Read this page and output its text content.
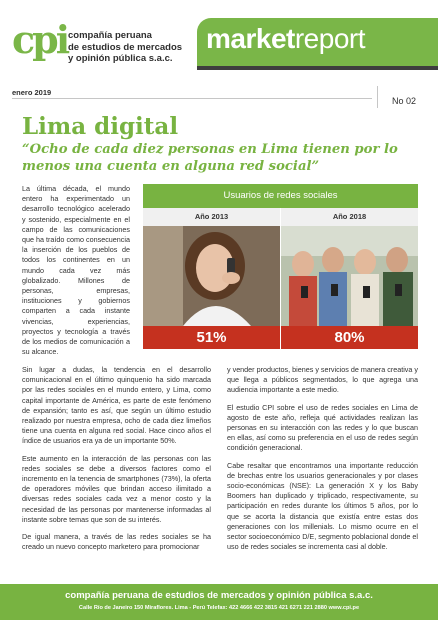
cpi compañía peruana
de estudios de mercados
y opinión pública s.a.c.
marketreport
enero 2019
No 02
Lima digital
“Ocho de cada diez personas en Lima tienen por lo menos una cuenta en alguna red social”

La última década, el mundo entero ha experimentado un desarrollo tecnológico acelerado y sostenido, especialmente en el campo de las comunicaciones que ha traído como consecuencia la inserción de los pueblos de todos los continentes en un mundo cada vez más globalizado. Millones de personas, empresas, instituciones y gobiernos comparten a cada instante vivencias, experiencias, proyectos y tecnología a través de los medios de comunicación a su alcance.

Usuarios de redes sociales
Año 2013	Año 2018
51%	80%

Sin lugar a dudas, la tendencia en el desarrollo comunicacional en el último quinquenio ha sido marcada por las redes sociales en el mundo entero, y Lima, como capital importante de América, es parte de este fenómeno de expansión; tanto es así, que según un último estudio realizado por nuestra empresa, ocho de cada diez limeños tiene una cuenta en alguna red social. Hace cinco años el índice de usuarios era ya de un importante 50%.

Este aumento en la interacción de las personas con las redes sociales se debe a diversos factores como el incremento en la tenencia de smartphones (73%), la oferta de operadores móviles que brindan acceso ilimitado a diversas redes sociales cada vez a menor costo y la necesidad de las personas por mantenerse informadas al instante sobre temas que son de su interés.

De igual manera, a través de las redes sociales se ha creado un nuevo concepto marketero para promocionar

y vender productos, bienes y servicios de manera creativa y que llega a públicos segmentados, lo que agrega una audiencia importante a este medio.

El estudio CPI sobre el uso de redes sociales en Lima de agosto de este año, refleja qué actividades realizan las personas en su interacción con las redes y lo que buscan en ellas, así como su preferencia en el uso de redes según condición generacional.

Cabe resaltar que encontramos una importante reducción de brechas entre los usuarios generacionales y por clases socio-económicas (NSE): La generación X y los Baby Boomers han duplicado y triplicado, respectivamente, su participación en redes durante los últimos 5 años, por lo que se acorta la distancia que existía entre estas dos generaciones con los millenials. Lo mismo ocurre en el sector socioeconómico D/E, segmento poblacional donde el uso de redes sociales se incrementa casi al doble.

compañía peruana de estudios de mercados y opinión pública s.a.c.
Calle Río de Janeiro 150 Miraflores. Lima - Perú Telefax: 422 4666 422 3815 421 6271 221 2880 www.cpi.pe
